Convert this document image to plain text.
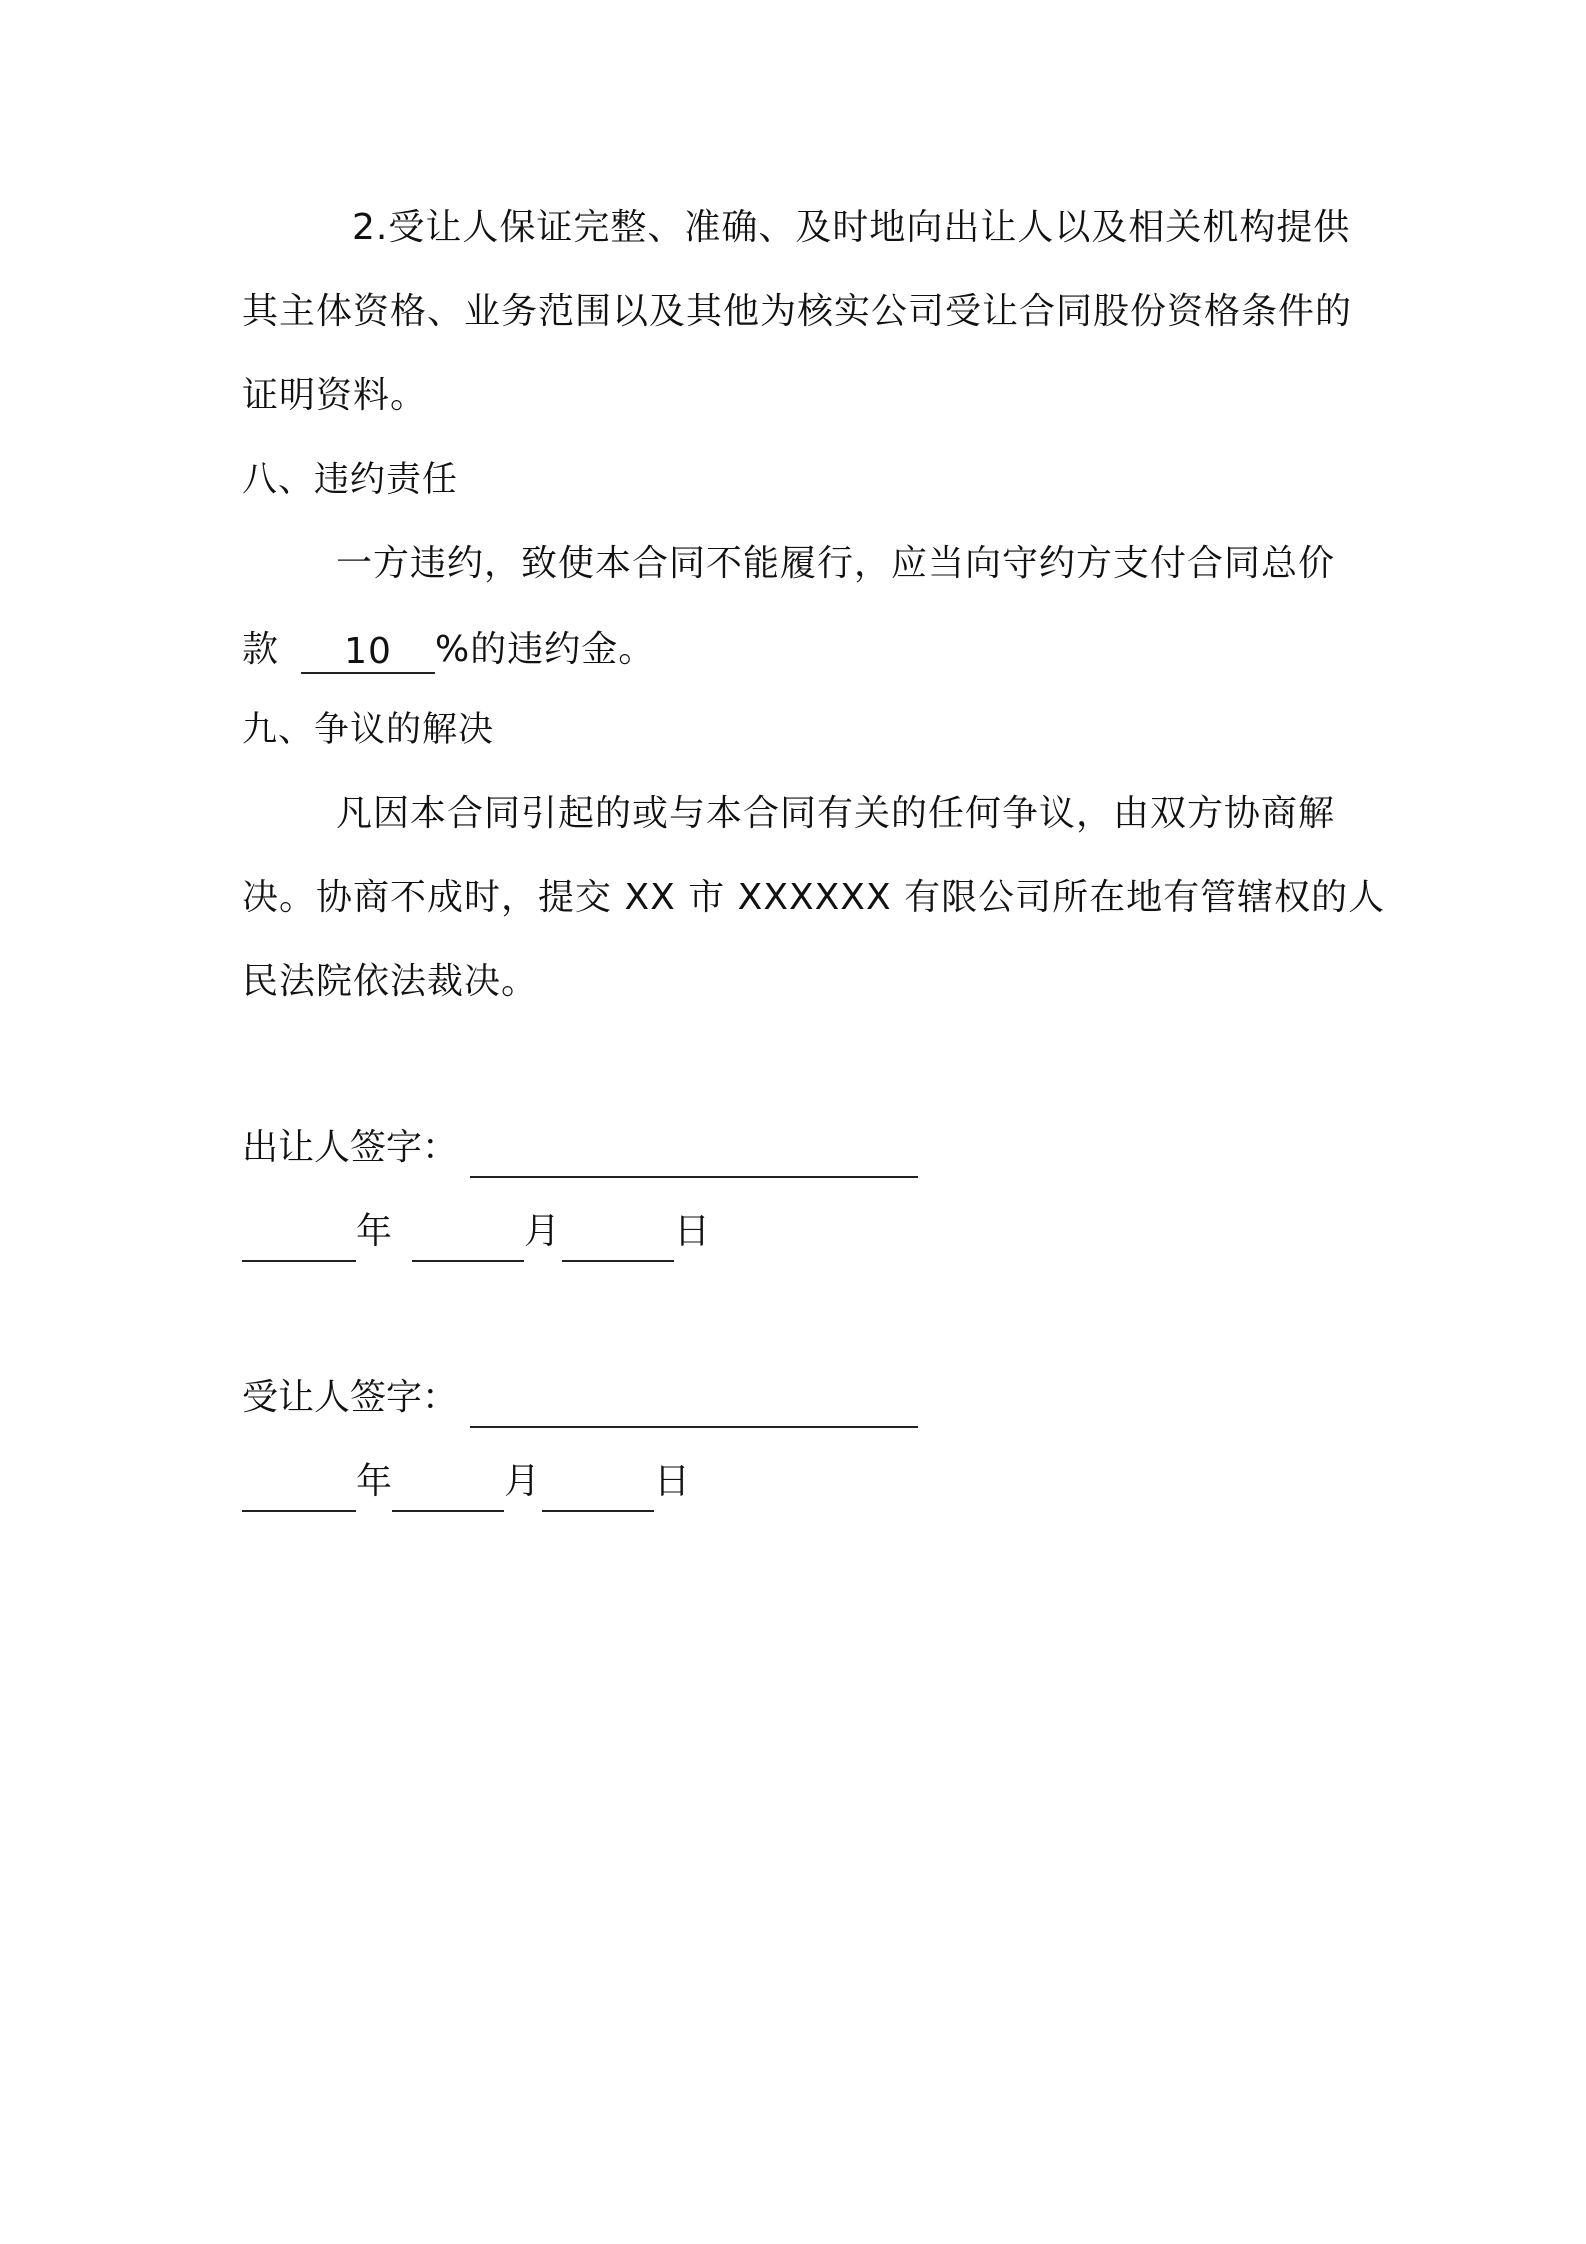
2.受让人保证完整、准确、及时地向出让人以及相关机构提供
其主体资格、业务范围以及其他为核实公司受让合同股份资格条件的
证明资料。
八、违约责任
一方违约，致使本合同不能履行，应当向守约方支付合同总价
款 10 %的违约金。
九、争议的解决
凡因本合同引起的或与本合同有关的任何争议，由双方协商解
决。协商不成时，提交 XX 市 XXXXXX 有限公司所在地有管辖权的人
民法院依法裁决。
出让人签字：
年	月	日
受让人签字：
年	月	日
